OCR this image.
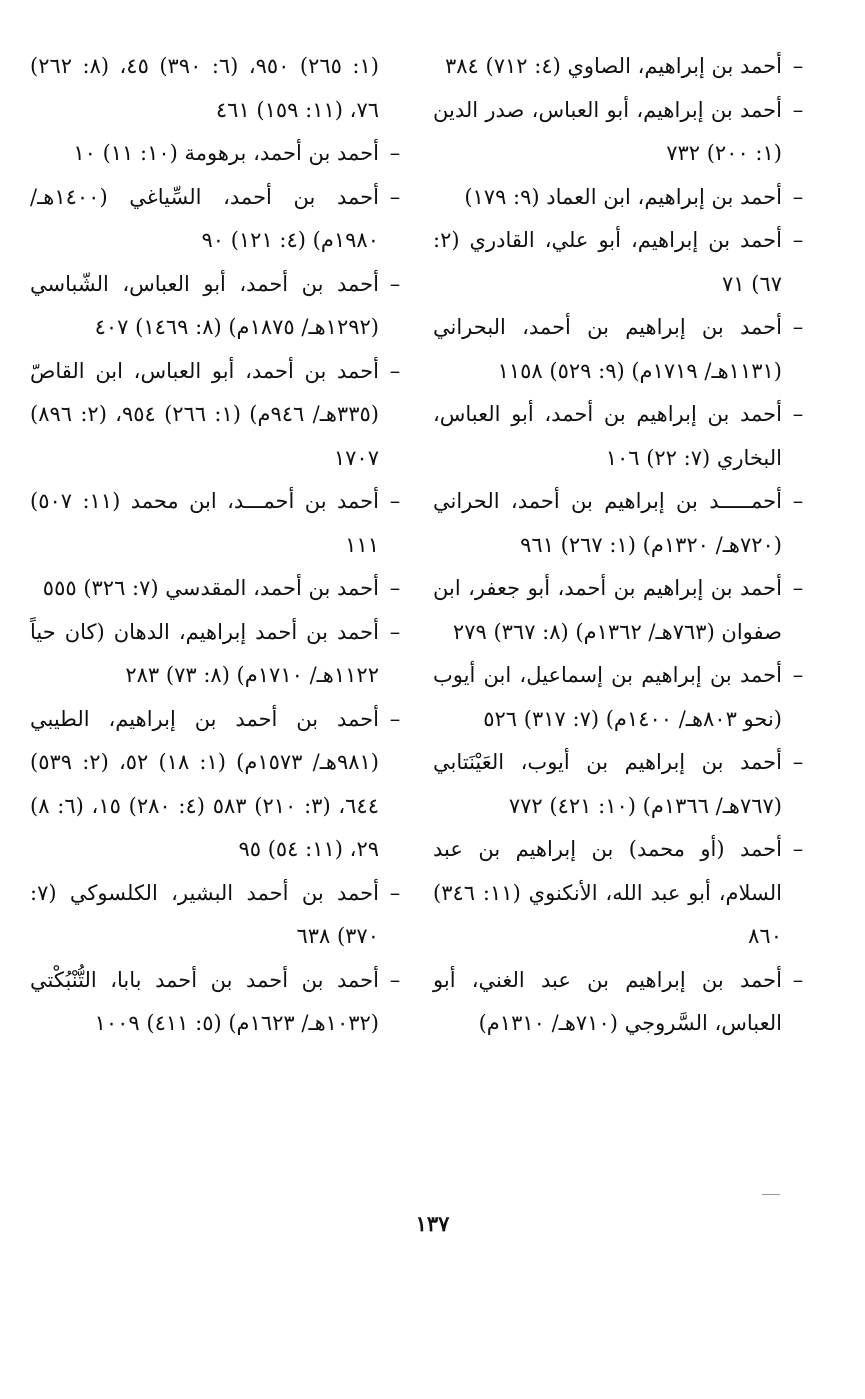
–
أحمد بن إبراهيم، الصاوي (٤: ٧١٢) ٣٨٤
–
أحمد بن إبراهيم، أبو العباس، صدر الدين (١: ٢٠٠) ٧٣٢
–
أحمد بن إبراهيم، ابن العماد (٩: ١٧٩)
–
أحمد بن إبراهيم، أبو علي، القادري (٢: ٦٧) ٧١
–
أحمد بن إبراهيم بن أحمد، البحراني (١١٣١هـ/ ١٧١٩م) (٩: ٥٢٩) ١١٥٨
–
أحمد بن إبراهيم بن أحمد، أبو العباس، البخاري (٧: ٢٢) ١٠٦
–
أحمـــــد بن إبراهيم بن أحمد، الحراني (٧٢٠هـ/ ١٣٢٠م) (١: ٢٦٧) ٩٦١
–
أحمد بن إبراهيم بن أحمد، أبو جعفر، ابن صفوان (٧٦٣هـ/ ١٣٦٢م) (٨: ٣٦٧) ٢٧٩
–
أحمد بن إبراهيم بن إسماعيل، ابن أيوب (نحو ٨٠٣هـ/ ١٤٠٠م) (٧: ٣١٧) ٥٢٦
–
أحمد بن إبراهيم بن أيوب، العَيْنَتابي (٧٦٧هـ/ ١٣٦٦م) (١٠: ٤٢١) ٧٧٢
–
أحمد (أو محمد) بن إبراهيم بن عبد السلام، أبو عبد الله، الأنكنوي (١١: ٣٤٦) ٨٦٠
–
أحمد بن إبراهيم بن عبد الغني، أبو العباس، السَّروجي (٧١٠هـ/ ١٣١٠م)
(١: ٢٦٥) ٩٥٠، (٦: ٣٩٠) ٤٥، (٨: ٢٦٢) ٧٦، (١١: ١٥٩) ٤٦١
–
أحمد بن أحمد، برهومة (١٠: ١١) ١٠
–
أحمد بن أحمد، السِّياغي (١٤٠٠هـ/ ١٩٨٠م) (٤: ١٢١) ٩٠
–
أحمد بن أحمد، أبو العباس، الشّباسي (١٢٩٢هـ/ ١٨٧٥م) (٨: ١٤٦٩) ٤٠٧
–
أحمد بن أحمد، أبو العباس، ابن القاصّ (٣٣٥هـ/ ٩٤٦م) (١: ٢٦٦) ٩٥٤، (٢: ٨٩٦) ١٧٠٧
–
أحمد بن أحمـــد، ابن محمد (١١: ٥٠٧) ١١١
–
أحمد بن أحمد، المقدسي (٧: ٣٢٦) ٥٥٥
–
أحمد بن أحمد إبراهيم، الدهان (كان حياً ١١٢٢هـ/ ١٧١٠م) (٨: ٧٣) ٢٨٣
–
أحمد بن أحمد بن إبراهيم، الطيبي (٩٨١هـ/ ١٥٧٣م) (١: ١٨) ٥٢، (٢: ٥٣٩) ٦٤٤، (٣: ٢١٠) ٥٨٣ (٤: ٢٨٠) ١٥، (٦: ٨) ٢٩، (١١: ٥٤) ٩٥
–
أحمد بن أحمد البشير، الكلسوكي (٧: ٣٧٠) ٦٣٨
–
أحمد بن أحمد بن أحمد بابا، التُّنْبُكْتي (١٠٣٢هـ/ ١٦٢٣م) (٥: ٤١١) ١٠٠٩
١٣٧
